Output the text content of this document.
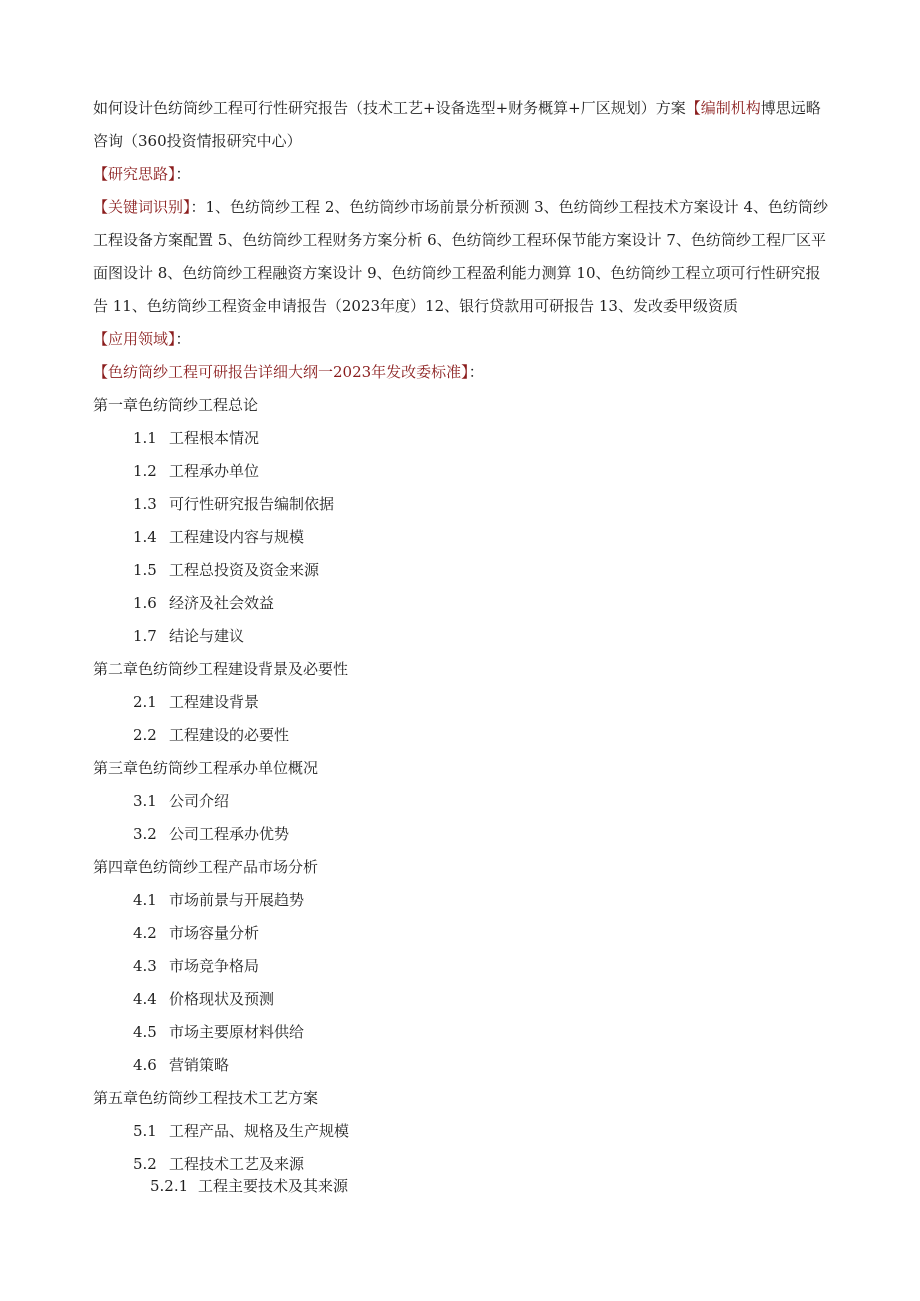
如何设计色纺筒纱工程可行性研究报告（技术工艺+设备选型+财务概算+厂区规划）方案【编制机构博思远略咨询（360投资情报研究中心）

【研究思路】：

【关键词识别】：1、色纺筒纱工程 2、色纺筒纱市场前景分析预测 3、色纺筒纱工程技术方案设计 4、色纺筒纱工程设备方案配置 5、色纺筒纱工程财务方案分析 6、色纺筒纱工程环保节能方案设计 7、色纺筒纱工程厂区平面图设计 8、色纺筒纱工程融资方案设计 9、色纺筒纱工程盈利能力测算 10、色纺筒纱工程立项可行性研究报告 11、色纺筒纱工程资金申请报告（2023年度）12、银行贷款用可研报告 13、发改委甲级资质

【应用领域】：

【色纺筒纱工程可研报告详细大纲一2023年发改委标准】：

第一章色纺筒纱工程总论

1.1 工程根本情况

1.2 工程承办单位

1.3 可行性研究报告编制依据

1.4 工程建设内容与规模

1.5 工程总投资及资金来源

1.6 经济及社会效益

1.7 结论与建议

第二章色纺筒纱工程建设背景及必要性

2.1 工程建设背景

2.2 工程建设的必要性

第三章色纺筒纱工程承办单位概况

3.1 公司介绍

3.2 公司工程承办优势

第四章色纺筒纱工程产品市场分析

4.1 市场前景与开展趋势

4.2 市场容量分析

4.3 市场竞争格局

4.4 价格现状及预测

4.5 市场主要原材料供给

4.6 营销策略

第五章色纺筒纱工程技术工艺方案

5.1 工程产品、规格及生产规模

5.2 工程技术工艺及来源

5.2.1 工程主要技术及其来源
